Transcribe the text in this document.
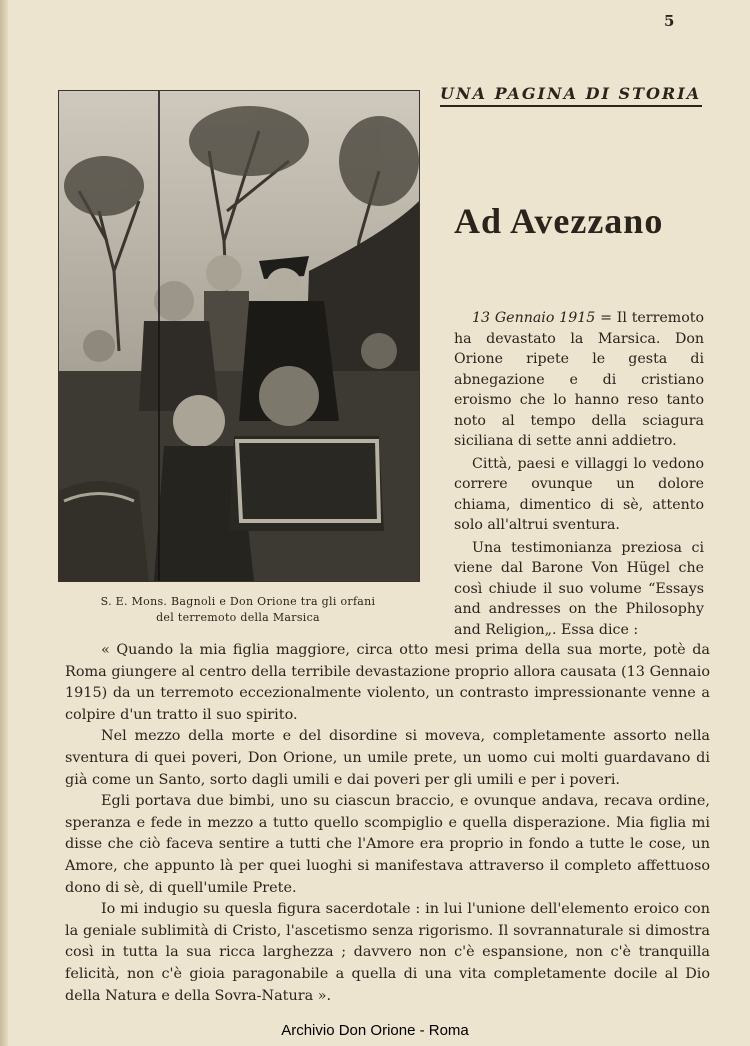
5
UNA PAGINA DI STORIA
S. E. Mons. Bagnoli e Don Orione tra gli orfani
del terremoto della Marsica
Ad Avezzano

13 Gennaio 1915 = Il terremoto ha devastato la Marsica. Don Orione ripete le gesta di abnegazione e di cristiano eroismo che lo hanno reso tanto noto al tempo della sciagura siciliana di sette anni addietro.

Città, paesi e villaggi lo vedono correre ovunque un dolore chiama, dimentico di sè, attento solo all'altrui sventura.

Una testimonianza preziosa ci viene dal Barone Von Hügel che così chiude il suo volume “Essays and andresses on the Philosophy and Religion„. Essa dice :

« Quando la mia figlia maggiore, circa otto mesi prima della sua morte, potè da Roma giungere al centro della terribile devastazione proprio allora causata (13 Gennaio 1915) da un terremoto eccezionalmente violento, un contrasto impressionante venne a colpire d'un tratto il suo spirito.

Nel mezzo della morte e del disordine si moveva, completamente assorto nella sventura di quei poveri, Don Orione, un umile prete, un uomo cui molti guardavano di già come un Santo, sorto dagli umili e dai poveri per gli umili e per i poveri.

Egli portava due bimbi, uno su ciascun braccio, e ovunque andava, recava ordine, speranza e fede in mezzo a tutto quello scompiglio e quella disperazione. Mia figlia mi disse che ciò faceva sentire a tutti che l'Amore era proprio in fondo a tutte le cose, un Amore, che appunto là per quei luoghi si manifestava attraverso il completo affettuoso dono di sè, di quell'umile Prete.

Io mi indugio su quesla figura sacerdotale : in lui l'unione dell'elemento eroico con la geniale sublimità di Cristo, l'ascetismo senza rigorismo. Il sovrannaturale si dimostra così in tutta la sua ricca larghezza ; davvero non c'è espansione, non c'è tranquilla felicità, non c'è gioia paragonabile a quella di una vita completamente docile al Dio della Natura e della Sovra-Natura ».

Archivio Don Orione - Roma
